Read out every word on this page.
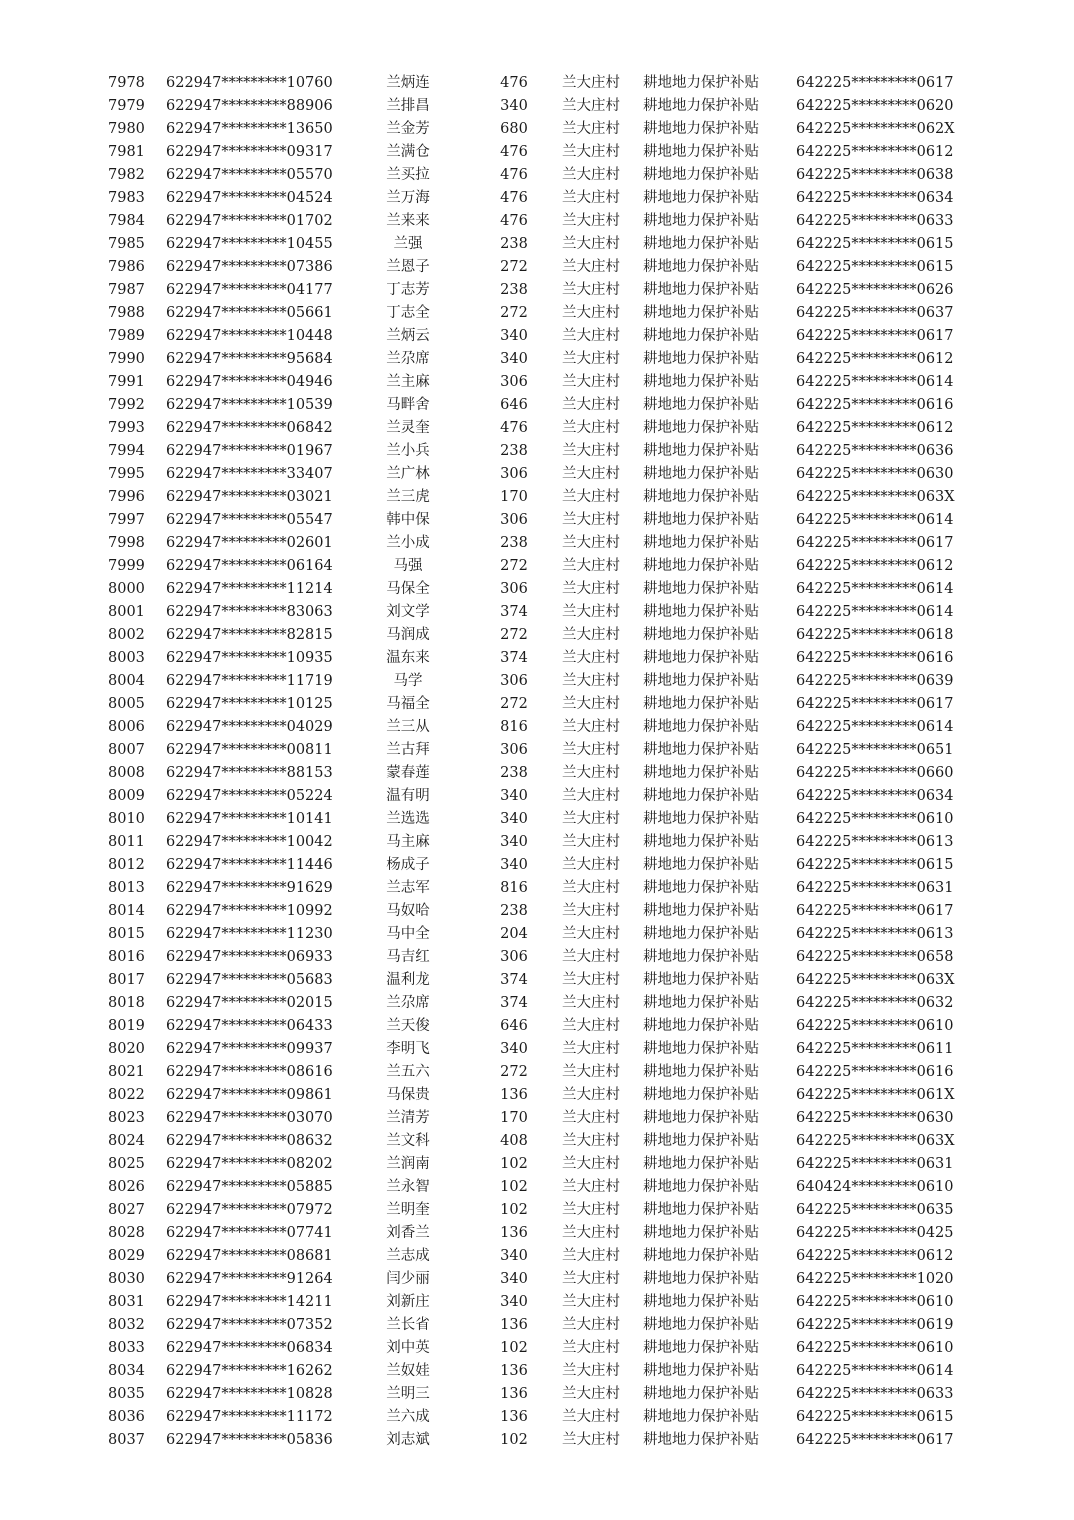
7978	622947*********10760	兰炳连	476	兰大庄村	耕地地力保护补贴	642225*********0617
7979	622947*********88906	兰排昌	340	兰大庄村	耕地地力保护补贴	642225*********0620
7980	622947*********13650	兰金芳	680	兰大庄村	耕地地力保护补贴	642225*********062X
7981	622947*********09317	兰满仓	476	兰大庄村	耕地地力保护补贴	642225*********0612
7982	622947*********05570	兰买拉	476	兰大庄村	耕地地力保护补贴	642225*********0638
7983	622947*********04524	兰万海	476	兰大庄村	耕地地力保护补贴	642225*********0634
7984	622947*********01702	兰来来	476	兰大庄村	耕地地力保护补贴	642225*********0633
7985	622947*********10455	兰强	238	兰大庄村	耕地地力保护补贴	642225*********0615
7986	622947*********07386	兰恩子	272	兰大庄村	耕地地力保护补贴	642225*********0615
7987	622947*********04177	丁志芳	238	兰大庄村	耕地地力保护补贴	642225*********0626
7988	622947*********05661	丁志全	272	兰大庄村	耕地地力保护补贴	642225*********0637
7989	622947*********10448	兰炳云	340	兰大庄村	耕地地力保护补贴	642225*********0617
7990	622947*********95684	兰尕席	340	兰大庄村	耕地地力保护补贴	642225*********0612
7991	622947*********04946	兰主麻	306	兰大庄村	耕地地力保护补贴	642225*********0614
7992	622947*********10539	马畔舍	646	兰大庄村	耕地地力保护补贴	642225*********0616
7993	622947*********06842	兰灵奎	476	兰大庄村	耕地地力保护补贴	642225*********0612
7994	622947*********01967	兰小兵	238	兰大庄村	耕地地力保护补贴	642225*********0636
7995	622947*********33407	兰广林	306	兰大庄村	耕地地力保护补贴	642225*********0630
7996	622947*********03021	兰三虎	170	兰大庄村	耕地地力保护补贴	642225*********063X
7997	622947*********05547	韩中保	306	兰大庄村	耕地地力保护补贴	642225*********0614
7998	622947*********02601	兰小成	238	兰大庄村	耕地地力保护补贴	642225*********0617
7999	622947*********06164	马强	272	兰大庄村	耕地地力保护补贴	642225*********0612
8000	622947*********11214	马保全	306	兰大庄村	耕地地力保护补贴	642225*********0614
8001	622947*********83063	刘文学	374	兰大庄村	耕地地力保护补贴	642225*********0614
8002	622947*********82815	马润成	272	兰大庄村	耕地地力保护补贴	642225*********0618
8003	622947*********10935	温东来	374	兰大庄村	耕地地力保护补贴	642225*********0616
8004	622947*********11719	马学	306	兰大庄村	耕地地力保护补贴	642225*********0639
8005	622947*********10125	马福全	272	兰大庄村	耕地地力保护补贴	642225*********0617
8006	622947*********04029	兰三从	816	兰大庄村	耕地地力保护补贴	642225*********0614
8007	622947*********00811	兰古拜	306	兰大庄村	耕地地力保护补贴	642225*********0651
8008	622947*********88153	蒙春莲	238	兰大庄村	耕地地力保护补贴	642225*********0660
8009	622947*********05224	温有明	340	兰大庄村	耕地地力保护补贴	642225*********0634
8010	622947*********10141	兰选选	340	兰大庄村	耕地地力保护补贴	642225*********0610
8011	622947*********10042	马主麻	340	兰大庄村	耕地地力保护补贴	642225*********0613
8012	622947*********11446	杨成子	340	兰大庄村	耕地地力保护补贴	642225*********0615
8013	622947*********91629	兰志军	816	兰大庄村	耕地地力保护补贴	642225*********0631
8014	622947*********10992	马奴哈	238	兰大庄村	耕地地力保护补贴	642225*********0617
8015	622947*********11230	马中全	204	兰大庄村	耕地地力保护补贴	642225*********0613
8016	622947*********06933	马吉红	306	兰大庄村	耕地地力保护补贴	642225*********0658
8017	622947*********05683	温利龙	374	兰大庄村	耕地地力保护补贴	642225*********063X
8018	622947*********02015	兰尕席	374	兰大庄村	耕地地力保护补贴	642225*********0632
8019	622947*********06433	兰天俊	646	兰大庄村	耕地地力保护补贴	642225*********0610
8020	622947*********09937	李明飞	340	兰大庄村	耕地地力保护补贴	642225*********0611
8021	622947*********08616	兰五六	272	兰大庄村	耕地地力保护补贴	642225*********0616
8022	622947*********09861	马保贵	136	兰大庄村	耕地地力保护补贴	642225*********061X
8023	622947*********03070	兰清芳	170	兰大庄村	耕地地力保护补贴	642225*********0630
8024	622947*********08632	兰文科	408	兰大庄村	耕地地力保护补贴	642225*********063X
8025	622947*********08202	兰润南	102	兰大庄村	耕地地力保护补贴	642225*********0631
8026	622947*********05885	兰永智	102	兰大庄村	耕地地力保护补贴	640424*********0610
8027	622947*********07972	兰明奎	102	兰大庄村	耕地地力保护补贴	642225*********0635
8028	622947*********07741	刘香兰	136	兰大庄村	耕地地力保护补贴	642225*********0425
8029	622947*********08681	兰志成	340	兰大庄村	耕地地力保护补贴	642225*********0612
8030	622947*********91264	闫少丽	340	兰大庄村	耕地地力保护补贴	642225*********1020
8031	622947*********14211	刘新庄	340	兰大庄村	耕地地力保护补贴	642225*********0610
8032	622947*********07352	兰长省	136	兰大庄村	耕地地力保护补贴	642225*********0619
8033	622947*********06834	刘中英	102	兰大庄村	耕地地力保护补贴	642225*********0610
8034	622947*********16262	兰奴娃	136	兰大庄村	耕地地力保护补贴	642225*********0614
8035	622947*********10828	兰明三	136	兰大庄村	耕地地力保护补贴	642225*********0633
8036	622947*********11172	兰六成	136	兰大庄村	耕地地力保护补贴	642225*********0615
8037	622947*********05836	刘志斌	102	兰大庄村	耕地地力保护补贴	642225*********0617
